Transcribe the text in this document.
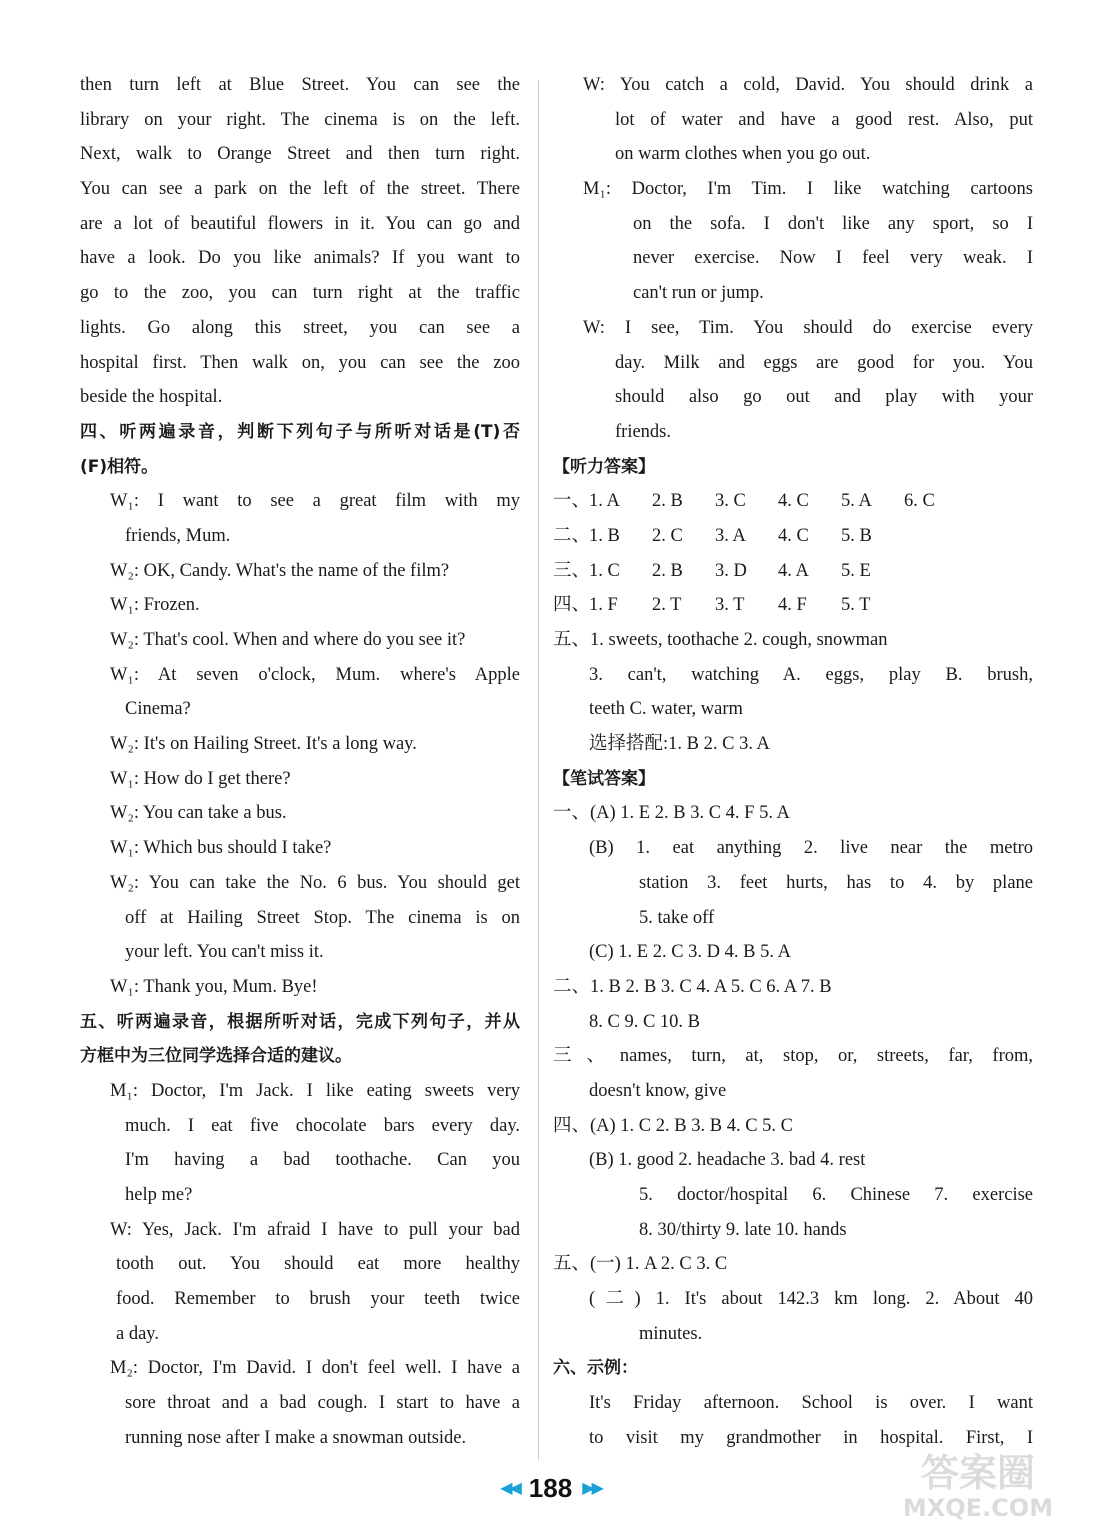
then turn left at Blue Street. You can see the
library on your right. The cinema is on the left.
Next, walk to Orange Street and then turn right.
You can see a park on the left of the street. There
are a lot of beautiful flowers in it. You can go and
have a look. Do you like animals? If you want to
go to the zoo, you can turn right at the traffic
lights. Go along this street, you can see a
hospital first. Then walk on, you can see the zoo
beside the hospital.
四、听两遍录音，判断下列句子与所听对话是(T)否
(F)相符。
W₁: I want to see a great film with my
friends, Mum.
W₂: OK, Candy. What's the name of the film?
W₁: Frozen.
W₂: That's cool. When and where do you see it?
W₁: At seven o'clock, Mum. where's Apple
Cinema?
W₂: It's on Hailing Street. It's a long way.
W₁: How do I get there?
W₂: You can take a bus.
W₁: Which bus should I take?
W₂: You can take the No. 6 bus. You should get
off at Hailing Street Stop. The cinema is on
your left. You can't miss it.
W₁: Thank you, Mum. Bye!
五、听两遍录音，根据所听对话，完成下列句子，并从
方框中为三位同学选择合适的建议。
M₁: Doctor, I'm Jack. I like eating sweets very
much. I eat five chocolate bars every day.
I'm having a bad toothache. Can you
help me?
W: Yes, Jack. I'm afraid I have to pull your bad
tooth out. You should eat more healthy
food. Remember to brush your teeth twice
a day.
M₂: Doctor, I'm David. I don't feel well. I have a
sore throat and a bad cough. I start to have a
running nose after I make a snowman outside.
W: You catch a cold, David. You should drink a
lot of water and have a good rest. Also, put
on warm clothes when you go out.
M₁: Doctor, I'm Tim. I like watching cartoons
on the sofa. I don't like any sport, so I
never exercise. Now I feel very weak. I
can't run or jump.
W: I see, Tim. You should do exercise every
day. Milk and eggs are good for you. You
should also go out and play with your
friends.
【听力答案】
一、
1. A	2. B	3. C	4. C	5. A	6. C
二、
1. B	2. C	3. A	4. C	5. B
三、
1. C	2. B	3. D	4. A	5. E
四、
1. F	2. T	3. T	4. F	5. T
五、1. sweets, toothache 2. cough, snowman
3. can't, watching A. eggs, play B. brush,
teeth C. water, warm
选择搭配:1. B 2. C 3. A
【笔试答案】
一、(A) 1. E 2. B 3. C 4. F 5. A
(B) 1. eat anything 2. live near the metro
station 3. feet hurts, has to 4. by plane
5. take off
(C) 1. E 2. C 3. D 4. B 5. A
二、1. B 2. B 3. C 4. A 5. C 6. A 7. B
8. C 9. C 10. B
三、names, turn, at, stop, or, streets, far, from,
doesn't know, give
四、(A) 1. C 2. B 3. B 4. C 5. C
(B) 1. good 2. headache 3. bad 4. rest
5. doctor/hospital 6. Chinese 7. exercise
8. 30/thirty 9. late 10. hands
五、(一) 1. A 2. C 3. C
(二) 1. It's about 142.3 km long. 2. About 40
minutes.
六、示例：
It's Friday afternoon. School is over. I want
to visit my grandmother in hospital. First, I
◀◀ 188 ▶▶	答案圈
MXQE.COM
